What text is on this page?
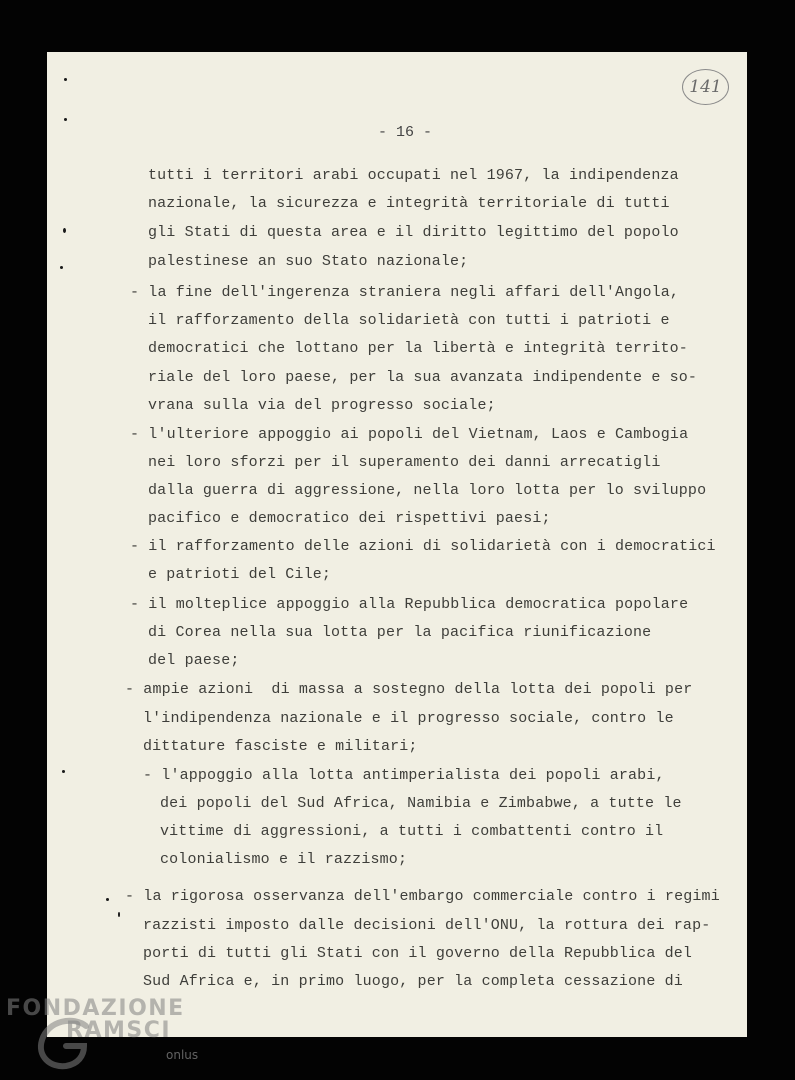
141
- 16 -
tutti i territori arabi occupati nel 1967, la indipendenza
nazionale, la sicurezza e integrità territoriale di tutti
gli Stati di questa area e il diritto legittimo del popolo
palestinese an suo Stato nazionale;
- la fine dell'ingerenza straniera negli affari dell'Angola,
il rafforzamento della solidarietà con tutti i patrioti e
democratici che lottano per la libertà e integrità territo-
riale del loro paese, per la sua avanzata indipendente e so-
vrana sulla via del progresso sociale;
- l'ulteriore appoggio ai popoli del Vietnam, Laos e Cambogia
nei loro sforzi per il superamento dei danni arrecatigli
dalla guerra di aggressione, nella loro lotta per lo sviluppo
pacifico e democratico dei rispettivi paesi;
- il rafforzamento delle azioni di solidarietà con i democratici
e patrioti del Cile;
- il molteplice appoggio alla Repubblica democratica popolare
di Corea nella sua lotta per la pacifica riunificazione
del paese;
- ampie azioni  di massa a sostegno della lotta dei popoli per
l'indipendenza nazionale e il progresso sociale, contro le
dittature fasciste e militari;
- l'appoggio alla lotta antimperialista dei popoli arabi,
dei popoli del Sud Africa, Namibia e Zimbabwe, a tutte le
vittime di aggressioni, a tutti i combattenti contro il
colonialismo e il razzismo;
- la rigorosa osservanza dell'embargo commerciale contro i regimi
razzisti imposto dalle decisioni dell'ONU, la rottura dei rap-
porti di tutti gli Stati con il governo della Repubblica del
Sud Africa e, in primo luogo, per la completa cessazione di
FONDAZIONE
RAMSCI
onlus
